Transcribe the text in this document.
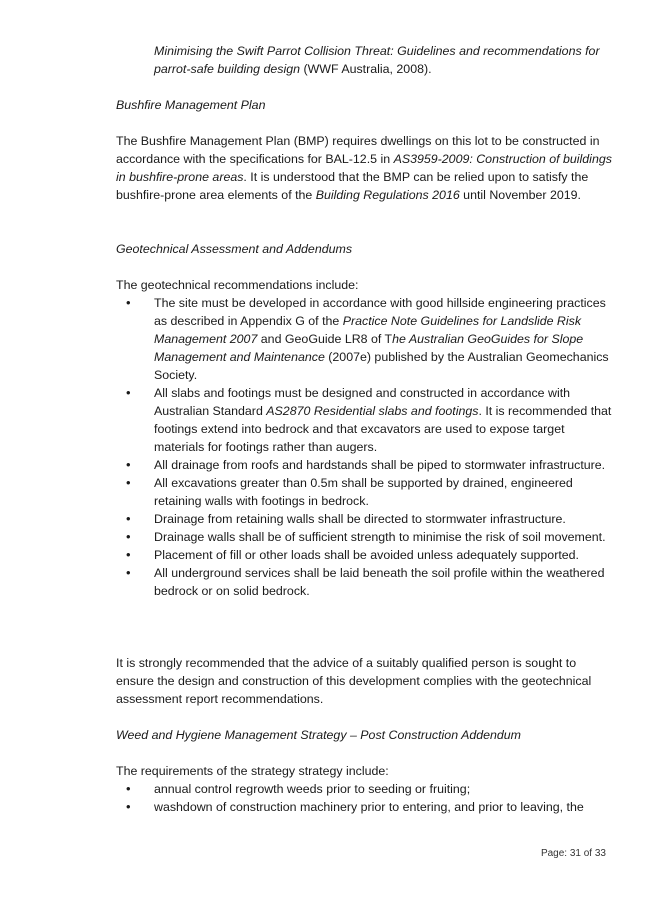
Minimising the Swift Parrot Collision Threat: Guidelines and recommendations for parrot-safe building design (WWF Australia, 2008).

Bushfire Management Plan

The Bushfire Management Plan (BMP) requires dwellings on this lot to be constructed in accordance with the specifications for BAL-12.5 in AS3959-2009: Construction of buildings in bushfire-prone areas. It is understood that the BMP can be relied upon to satisfy the bushfire-prone area elements of the Building Regulations 2016 until November 2019.

Geotechnical Assessment and Addendums

The geotechnical recommendations include:

• The site must be developed in accordance with good hillside engineering practices as described in Appendix G of the Practice Note Guidelines for Landslide Risk Management 2007 and GeoGuide LR8 of The Australian GeoGuides for Slope Management and Maintenance (2007e) published by the Australian Geomechanics Society.
• All slabs and footings must be designed and constructed in accordance with Australian Standard AS2870 Residential slabs and footings. It is recommended that footings extend into bedrock and that excavators are used to expose target materials for footings rather than augers.
• All drainage from roofs and hardstands shall be piped to stormwater infrastructure.
• All excavations greater than 0.5m shall be supported by drained, engineered retaining walls with footings in bedrock.
• Drainage from retaining walls shall be directed to stormwater infrastructure.
• Drainage walls shall be of sufficient strength to minimise the risk of soil movement.
• Placement of fill or other loads shall be avoided unless adequately supported.
• All underground services shall be laid beneath the soil profile within the weathered bedrock or on solid bedrock.

It is strongly recommended that the advice of a suitably qualified person is sought to ensure the design and construction of this development complies with the geotechnical assessment report recommendations.

Weed and Hygiene Management Strategy – Post Construction Addendum

The requirements of the strategy strategy include:

• annual control regrowth weeds prior to seeding or fruiting;
• washdown of construction machinery prior to entering, and prior to leaving, the
Page: 31 of 33
